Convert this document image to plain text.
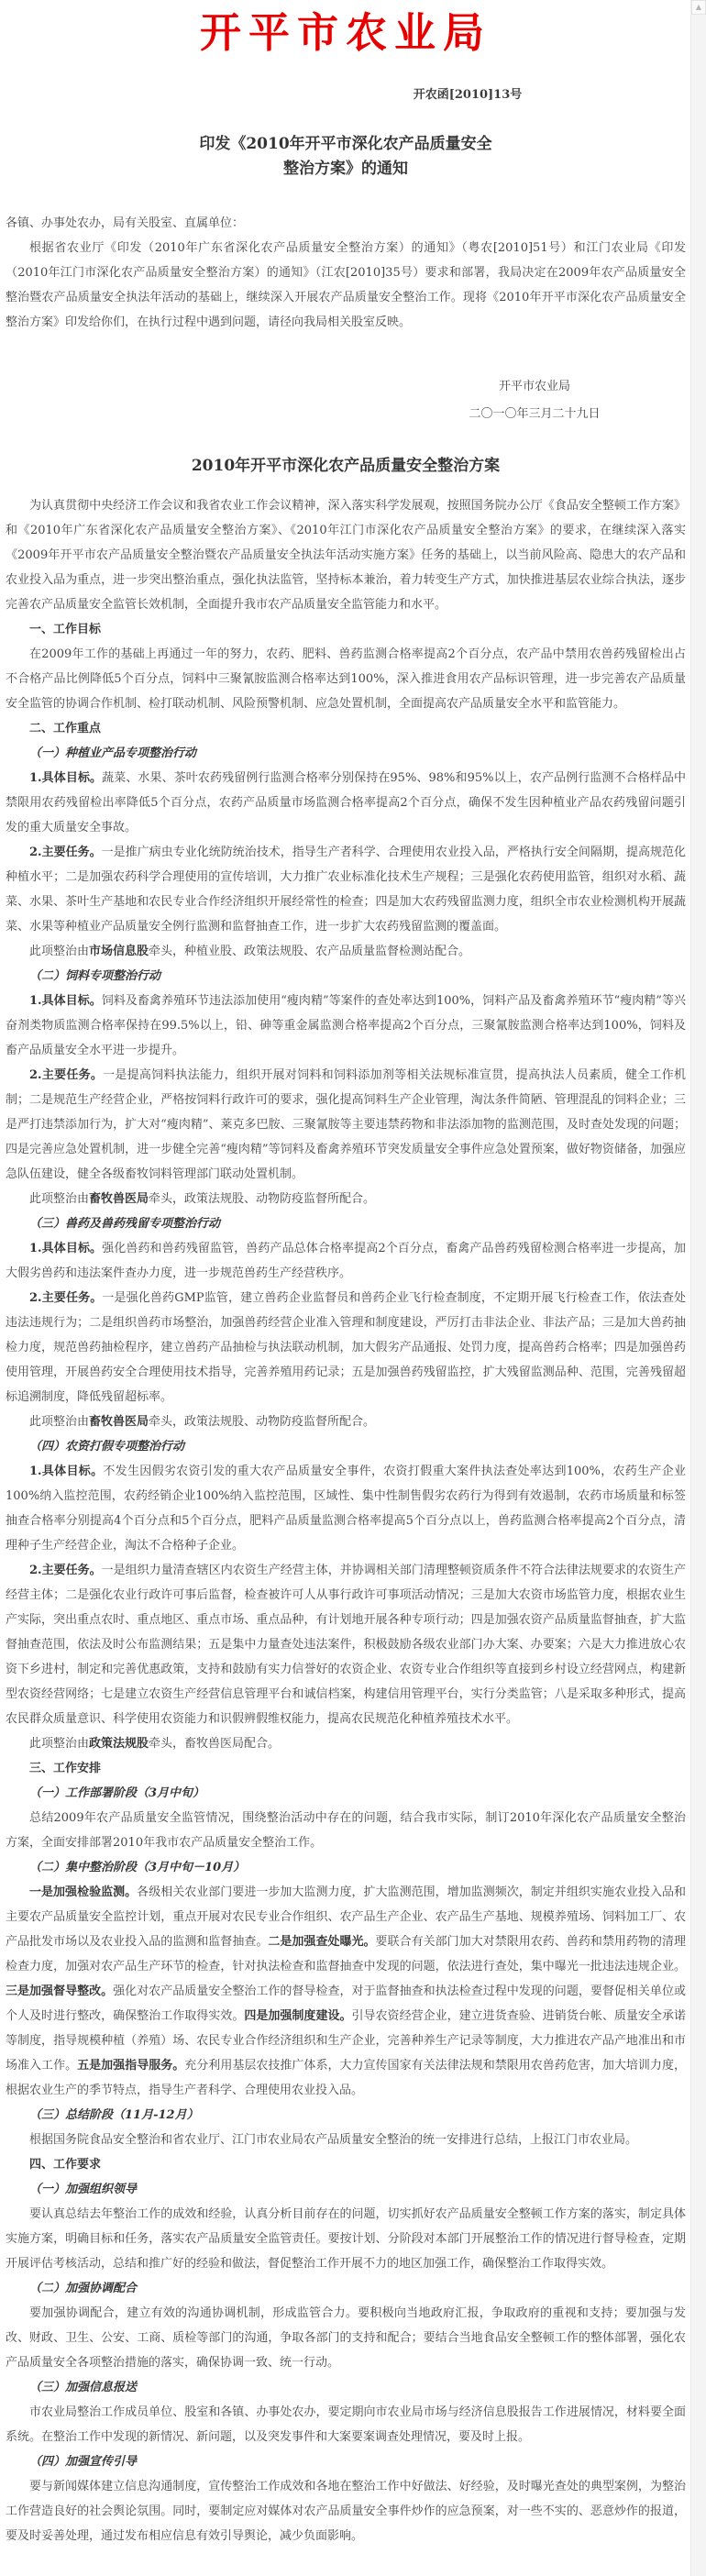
开平市农业局
开农函[2010]13号
印发《2010年开平市深化农产品质量安全
整治方案》的通知
各镇、办事处农办，局有关股室、直属单位：
根据省农业厅《印发（2010年广东省深化农产品质量安全整治方案）的通知》（粤农[2010]51号）和江门农业局《印发（2010年江门市深化农产品质量安全整治方案）的通知》（江农[2010]35号）要求和部署，我局决定在2009年农产品质量安全整治暨农产品质量安全执法年活动的基础上，继续深入开展农产品质量安全整治工作。现将《2010年开平市深化农产品质量安全整治方案》印发给你们，在执行过程中遇到问题，请径向我局相关股室反映。
开平市农业局
二〇一〇年三月二十九日
2010年开平市深化农产品质量安全整治方案
为认真贯彻中央经济工作会议和我省农业工作会议精神，深入落实科学发展观，按照国务院办公厅《食品安全整顿工作方案》和《2010年广东省深化农产品质量安全整治方案》、《2010年江门市深化农产品质量安全整治方案》的要求，在继续深入落实《2009年开平市农产品质量安全整治暨农产品质量安全执法年活动实施方案》任务的基础上，以当前风险高、隐患大的农产品和农业投入品为重点，进一步突出整治重点，强化执法监管，坚持标本兼治，着力转变生产方式，加快推进基层农业综合执法，逐步完善农产品质量安全监管长效机制，全面提升我市农产品质量安全监管能力和水平。
一、工作目标
在2009年工作的基础上再通过一年的努力，农药、肥料、兽药监测合格率提高2个百分点，农产品中禁用农兽药残留检出占不合格产品比例降低5个百分点，饲料中三聚氰胺监测合格率达到100%，深入推进食用农产品标识管理，进一步完善农产品质量安全监管的协调合作机制、检打联动机制、风险预警机制、应急处置机制，全面提高农产品质量安全水平和监管能力。
二、工作重点
（一）种植业产品专项整治行动
1.具体目标。蔬菜、水果、茶叶农药残留例行监测合格率分别保持在95%、98%和95%以上，农产品例行监测不合格样品中禁限用农药残留检出率降低5个百分点，农药产品质量市场监测合格率提高2个百分点，确保不发生因种植业产品农药残留问题引发的重大质量安全事故。
2.主要任务。一是推广病虫专业化统防统治技术，指导生产者科学、合理使用农业投入品，严格执行安全间隔期，提高规范化种植水平；二是加强农药科学合理使用的宣传培训，大力推广农业标准化技术生产规程；三是强化农药使用监管，组织对水稻、蔬菜、水果、茶叶生产基地和农民专业合作经济组织开展经常性的检查；四是加大农药残留监测力度，组织全市农业检测机构开展蔬菜、水果等种植业产品质量安全例行监测和监督抽查工作，进一步扩大农药残留监测的覆盖面。
此项整治由市场信息股牵头，种植业股、政策法规股、农产品质量监督检测站配合。
（二）饲料专项整治行动
1.具体目标。饲料及畜禽养殖环节违法添加使用“瘦肉精”等案件的查处率达到100%，饲料产品及畜禽养殖环节“瘦肉精”等兴奋剂类物质监测合格率保持在99.5%以上，铅、砷等重金属监测合格率提高2个百分点，三聚氰胺监测合格率达到100%，饲料及畜产品质量安全水平进一步提升。
2.主要任务。一是提高饲料执法能力，组织开展对饲料和饲料添加剂等相关法规标准宣贯，提高执法人员素质，健全工作机制；二是规范生产经营企业，严格按饲料行政许可的要求，强化提高饲料生产企业管理，淘汰条件简陋、管理混乱的饲料企业；三是严打违禁添加行为，扩大对“瘦肉精”、莱克多巴胺、三聚氰胺等主要违禁药物和非法添加物的监测范围，及时查处发现的问题；四是完善应急处置机制，进一步健全完善“瘦肉精”等饲料及畜禽养殖环节突发质量安全事件应急处置预案，做好物资储备，加强应急队伍建设，健全各级畜牧饲料管理部门联动处置机制。
此项整治由畜牧兽医局牵头，政策法规股、动物防疫监督所配合。
（三）兽药及兽药残留专项整治行动
1.具体目标。强化兽药和兽药残留监管，兽药产品总体合格率提高2个百分点，畜禽产品兽药残留检测合格率进一步提高，加大假劣兽药和违法案件查办力度，进一步规范兽药生产经营秩序。
2.主要任务。一是强化兽药GMP监管，建立兽药企业监督员和兽药企业飞行检查制度，不定期开展飞行检查工作，依法查处违法违规行为；二是组织兽药市场整治，加强兽药经营企业准入管理和制度建设，严厉打击非法企业、非法产品；三是加大兽药抽检力度，规范兽药抽检程序，建立兽药产品抽检与执法联动机制，加大假劣产品通报、处罚力度，提高兽药合格率；四是加强兽药使用管理，开展兽药安全合理使用技术指导，完善养殖用药记录；五是加强兽药残留监控，扩大残留监测品种、范围，完善残留超标追溯制度，降低残留超标率。
此项整治由畜牧兽医局牵头，政策法规股、动物防疫监督所配合。
（四）农资打假专项整治行动
1.具体目标。不发生因假劣农资引发的重大农产品质量安全事件，农资打假重大案件执法查处率达到100%，农药生产企业100%纳入监控范围，农药经销企业100%纳入监控范围，区域性、集中性制售假劣农药行为得到有效遏制，农药市场质量和标签抽查合格率分别提高4个百分点和5个百分点，肥料产品质量监测合格率提高5个百分点以上，兽药监测合格率提高2个百分点，清理种子生产经营企业，淘汰不合格种子企业。
2.主要任务。一是组织力量清查辖区内农资生产经营主体，并协调相关部门清理整顿资质条件不符合法律法规要求的农资生产经营主体；二是强化农业行政许可事后监督，检查被许可人从事行政许可事项活动情况；三是加大农资市场监管力度，根据农业生产实际，突出重点农时、重点地区、重点市场、重点品种，有计划地开展各种专项行动；四是加强农资产品质量监督抽查，扩大监督抽查范围，依法及时公布监测结果；五是集中力量查处违法案件，积极鼓励各级农业部门办大案、办要案；六是大力推进放心农资下乡进村，制定和完善优惠政策，支持和鼓励有实力信誉好的农资企业、农资专业合作组织等直接到乡村设立经营网点，构建新型农资经营网络；七是建立农资生产经营信息管理平台和诚信档案，构建信用管理平台，实行分类监管；八是采取多种形式，提高农民群众质量意识、科学使用农资能力和识假辨假维权能力，提高农民规范化种植养殖技术水平。
此项整治由政策法规股牵头，畜牧兽医局配合。
三、工作安排
（一）工作部署阶段（3月中旬）
总结2009年农产品质量安全监管情况，围绕整治活动中存在的问题，结合我市实际，制订2010年深化农产品质量安全整治方案，全面安排部署2010年我市农产品质量安全整治工作。
（二）集中整治阶段（3月中旬－10月）
一是加强检验监测。各级相关农业部门要进一步加大监测力度，扩大监测范围，增加监测频次，制定并组织实施农业投入品和主要农产品质量安全监控计划，重点开展对农民专业合作组织、农产品生产企业、农产品生产基地、规模养殖场、饲料加工厂、农产品批发市场以及农业投入品的监测和监督抽查。二是加强查处曝光。要联合有关部门加大对禁限用农药、兽药和禁用药物的清理检查力度，加强对农产品生产环节的检查，针对执法检查和监督抽查中发现的问题，依法进行查处，集中曝光一批违法违规企业。三是加强督导整改。强化对农产品质量安全整治工作的督导检查，对于监督抽查和执法检查过程中发现的问题，要督促相关单位或个人及时进行整改，确保整治工作取得实效。四是加强制度建设。引导农资经营企业，建立进货查验、进销货台帐、质量安全承诺等制度，指导规模种植（养殖）场、农民专业合作经济组织和生产企业，完善种养生产记录等制度，大力推进农产品产地准出和市场准入工作。五是加强指导服务。充分利用基层农技推广体系，大力宣传国家有关法律法规和禁限用农兽药危害，加大培训力度，根据农业生产的季节特点，指导生产者科学、合理使用农业投入品。
（三）总结阶段（11月-12月）
根据国务院食品安全整治和省农业厅、江门市农业局农产品质量安全整治的统一安排进行总结，上报江门市农业局。
四、工作要求
（一）加强组织领导
要认真总结去年整治工作的成效和经验，认真分析目前存在的问题，切实抓好农产品质量安全整顿工作方案的落实，制定具体实施方案，明确目标和任务，落实农产品质量安全监管责任。要按计划、分阶段对本部门开展整治工作的情况进行督导检查，定期开展评估考核活动，总结和推广好的经验和做法，督促整治工作开展不力的地区加强工作，确保整治工作取得实效。
（二）加强协调配合
要加强协调配合，建立有效的沟通协调机制，形成监管合力。要积极向当地政府汇报，争取政府的重视和支持；要加强与发改、财政、卫生、公安、工商、质检等部门的沟通，争取各部门的支持和配合；要结合当地食品安全整顿工作的整体部署，强化农产品质量安全各项整治措施的落实，确保协调一致、统一行动。
（三）加强信息报送
市农业局整治工作成员单位、股室和各镇、办事处农办，要定期向市农业局市场与经济信息股报告工作进展情况，材料要全面系统。在整治工作中发现的新情况、新问题，以及突发事件和大案要案调查处理情况，要及时上报。
（四）加强宣传引导
要与新闻媒体建立信息沟通制度，宣传整治工作成效和各地在整治工作中好做法、好经验，及时曝光查处的典型案例，为整治工作营造良好的社会舆论氛围。同时，要制定应对媒体对农产品质量安全事件炒作的应急预案，对一些不实的、恶意炒作的报道，要及时妥善处理，通过发布相应信息有效引导舆论，减少负面影响。
▲
